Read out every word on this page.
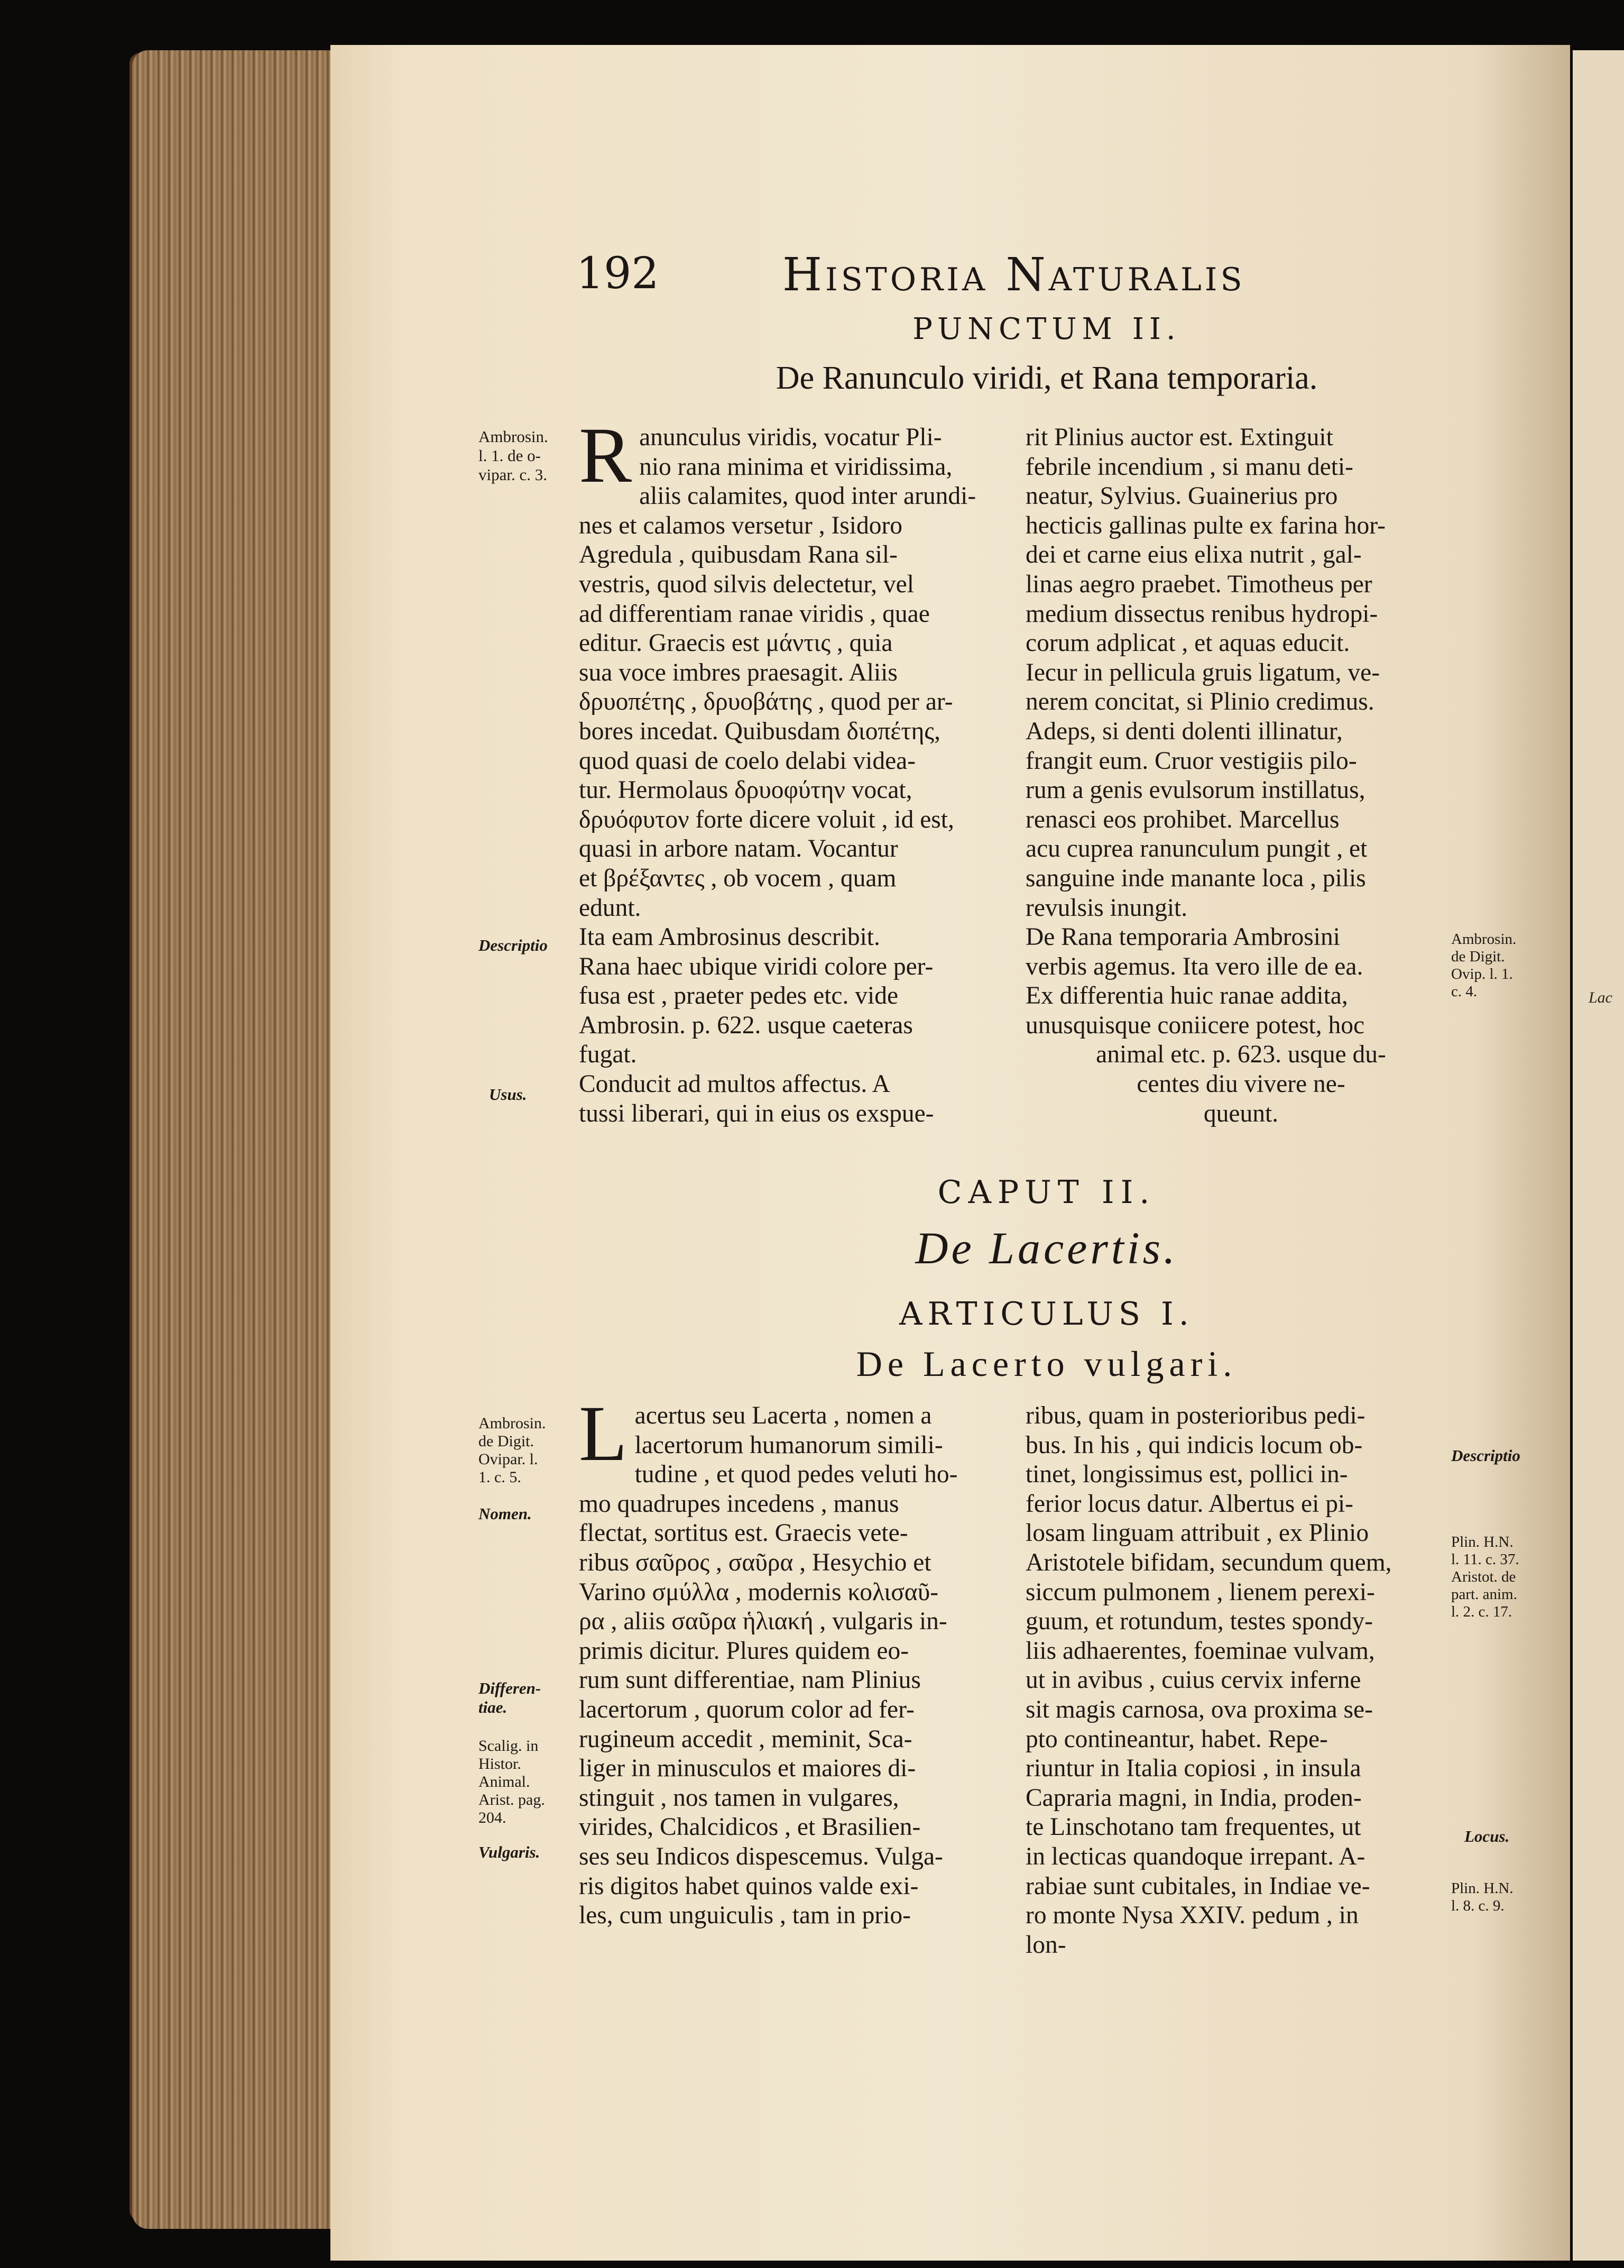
Lac
192	Historia Naturalis
PUNCTUM II.
De Ranunculo viridi, et Rana temporaria.
Ambrosin.
l. 1. de o-
vipar. c. 3.
Descriptio
Usus.
R anunculus viridis, vocatur Pli-

nio rana minima et viridissima,

aliis calamites, quod inter arundi-

nes et calamos versetur , Isidoro

Agredula , quibusdam Rana sil-

vestris, quod silvis delectetur, vel

ad differentiam ranae viridis , quae

editur. Graecis est μάντις , quia

sua voce imbres praesagit. Aliis

δρυοπέτης , δρυοβάτης , quod per ar-

bores incedat. Quibusdam διοπέτης,

quod quasi de coelo delabi videa-

tur. Hermolaus δρυοφύτην vocat,

δρυόφυτον forte dicere voluit , id est,

quasi in arbore natam. Vocantur

et βρέξαντες , ob vocem , quam

edunt.

Ita eam Ambrosinus describit.

Rana haec ubique viridi colore per-

fusa est , praeter pedes etc. vide

Ambrosin. p. 622. usque caeteras

fugat.

Conducit ad multos affectus. A

tussi liberari, qui in eius os exspue-

rit Plinius auctor est. Extinguit

febrile incendium , si manu deti-

neatur, Sylvius. Guainerius pro

hecticis gallinas pulte ex farina hor-

dei et carne eius elixa nutrit , gal-

linas aegro praebet. Timotheus per

medium dissectus renibus hydropi-

corum adplicat , et aquas educit.

Iecur in pellicula gruis ligatum, ve-

nerem concitat, si Plinio credimus.

Adeps, si denti dolenti illinatur,

frangit eum. Cruor vestigiis pilo-

rum a genis evulsorum instillatus,

renasci eos prohibet. Marcellus

acu cuprea ranunculum pungit , et

sanguine inde manante loca , pilis

revulsis inungit.

De Rana temporaria Ambrosini

verbis agemus. Ita vero ille de ea.

Ex differentia huic ranae addita,

unusquisque coniicere potest, hoc

animal etc. p. 623. usque du-

centes diu vivere ne-

queunt.

Ambrosin.
de Digit.
Ovip. l. 1.
c. 4.
CAPUT II.
De Lacertis.
ARTICULUS I.
De Lacerto vulgari.
Ambrosin.
de Digit.
Ovipar. l.
1. c. 5.
Nomen.
Differen-
tiae.
Scalig. in
Histor.
Animal.
Arist. pag.
204.
Vulgaris.
L acertus seu Lacerta , nomen a

lacertorum humanorum simili-

tudine , et quod pedes veluti ho-

mo quadrupes incedens , manus

flectat, sortitus est. Graecis vete-

ribus σαῦρος , σαῦρα , Hesychio et

Varino σμύλλα , modernis κολισαῦ-

ρα , aliis σαῦρα ἡλιακή , vulgaris in-

primis dicitur. Plures quidem eo-

rum sunt differentiae, nam Plinius

lacertorum , quorum color ad fer-

rugineum accedit , meminit, Sca-

liger in minusculos et maiores di-

stinguit , nos tamen in vulgares,

virides, Chalcidicos , et Brasilien-

ses seu Indicos dispescemus. Vulga-

ris digitos habet quinos valde exi-

les, cum unguiculis , tam in prio-

ribus, quam in posterioribus pedi-

bus. In his , qui indicis locum ob-

tinet, longissimus est, pollici in-

ferior locus datur. Albertus ei pi-

losam linguam attribuit , ex Plinio

Aristotele bifidam, secundum quem,

siccum pulmonem , lienem perexi-

guum, et rotundum, testes spondy-

liis adhaerentes, foeminae vulvam,

ut in avibus , cuius cervix inferne

sit magis carnosa, ova proxima se-

pto contineantur, habet. Repe-

riuntur in Italia copiosi , in insula

Capraria magni, in India, proden-

te Linschotano tam frequentes, ut

in lecticas quandoque irrepant. A-

rabiae sunt cubitales, in Indiae ve-

ro monte Nysa XXIV. pedum , in

lon-

Descriptio
Plin. H.N.
l. 11. c. 37.
Aristot. de
part. anim.
l. 2. c. 17.
Locus.
Plin. H.N.
l. 8. c. 9.
